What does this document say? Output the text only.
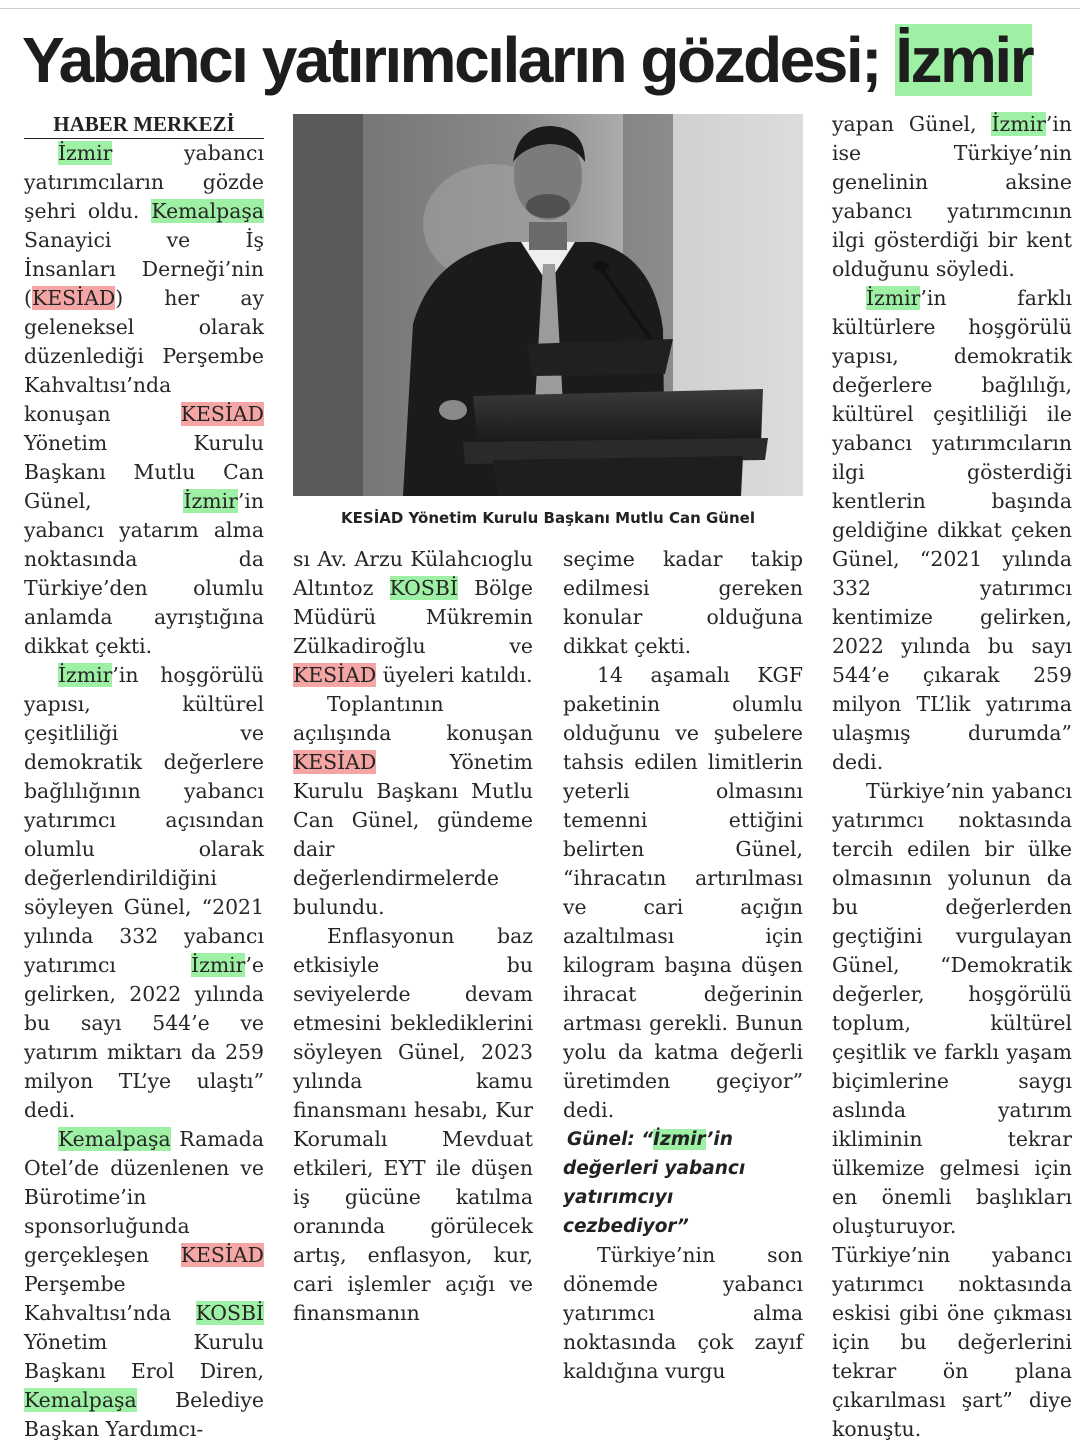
Yabancı yatırımcıların gözdesi; İzmir
HABER MERKEZİ

İzmir yabancı yatırımcıların gözde şehri oldu. Kemalpaşa Sanayici ve İş İnsanları Derneği’nin (KESİAD) her ay geleneksel olarak düzenlediği Perşembe Kahvaltısı’nda konuşan KESİAD Yönetim Kurulu Başkanı Mutlu Can Günel, İzmir’in yabancı yatarım alma noktasında da Türkiye’den olumlu anlamda ayrıştığına dikkat çekti.

İzmir’in hoşgörülü yapısı, kültürel çeşitliliği ve demokratik değerlere bağlılığının yabancı yatırımcı açısından olumlu olarak değerlendirildiğini söyleyen Günel, “2021 yılında 332 yabancı yatırımcı İzmir’e gelirken, 2022 yılında bu sayı 544’e ve yatırım miktarı da 259 milyon TL’ye ulaştı” dedi.

Kemalpaşa Ramada Otel’de düzenlenen ve Bürotime’in sponsorluğunda gerçekleşen KESİAD Perşembe Kahvaltısı’nda KOSBİ Yönetim Kurulu Başkanı Erol Diren, Kemalpaşa Belediye Başkan Yardımcı-

KESİAD Yönetim Kurulu Başkanı Mutlu Can Günel

sı Av. Arzu Külahcıoglu Altıntoz KOSBİ Bölge Müdürü Mükremin Zülkadiroğlu ve KESİAD üyeleri katıldı.

Toplantının açılışında konuşan KESİAD Yönetim Kurulu Başkanı Mutlu Can Günel, gündeme dair değerlendirmelerde bulundu.

Enflasyonun baz etkisiyle bu seviyelerde devam etmesini beklediklerini söyleyen Günel, 2023 yılında kamu finansmanı hesabı, Kur Korumalı Mevduat etkileri, EYT ile düşen iş gücüne katılma oranında görülecek artış, enflasyon, kur, cari işlemler açığı ve finansmanın

seçime kadar takip edilmesi gereken konular olduğuna dikkat çekti.

14 aşamalı KGF paketinin olumlu olduğunu ve şubelere tahsis edilen limitlerin yeterli olmasını temenni ettiğini belirten Günel, “ihracatın artırılması ve cari açığın azaltılması için kilogram başına düşen ihracat değerinin artması gerekli. Bunun yolu da katma değerli üretimden geçiyor” dedi.

Günel: “İzmir’in değerleri yabancı yatırımcıyı cezbediyor”

Türkiye’nin son dönemde yabancı yatırımcı alma noktasında çok zayıf kaldığına vurgu

yapan Günel, İzmir’in ise Türkiye’nin genelinin aksine yabancı yatırımcının ilgi gösterdiği bir kent olduğunu söyledi.

İzmir’in farklı kültürlere hoşgörülü yapısı, demokratik değerlere bağlılığı, kültürel çeşitliliği ile yabancı yatırımcıların ilgi gösterdiği kentlerin başında geldiğine dikkat çeken Günel, “2021 yılında 332 yatırımcı kentimize gelirken, 2022 yılında bu sayı 544’e çıkarak 259 milyon TL’lik yatırıma ulaşmış durumda” dedi.

Türkiye’nin yabancı yatırımcı noktasında tercih edilen bir ülke olmasının yolunun da bu değerlerden geçtiğini vurgulayan Günel, “Demokratik değerler, hoşgörülü toplum, kültürel çeşitlik ve farklı yaşam biçimlerine saygı aslında yatırım ikliminin tekrar ülkemize gelmesi için en önemli başlıkları oluşturuyor. Türkiye’nin yabancı yatırımcı noktasında eskisi gibi öne çıkması için bu değerlerini tekrar ön plana çıkarılması şart” diye konuştu.
